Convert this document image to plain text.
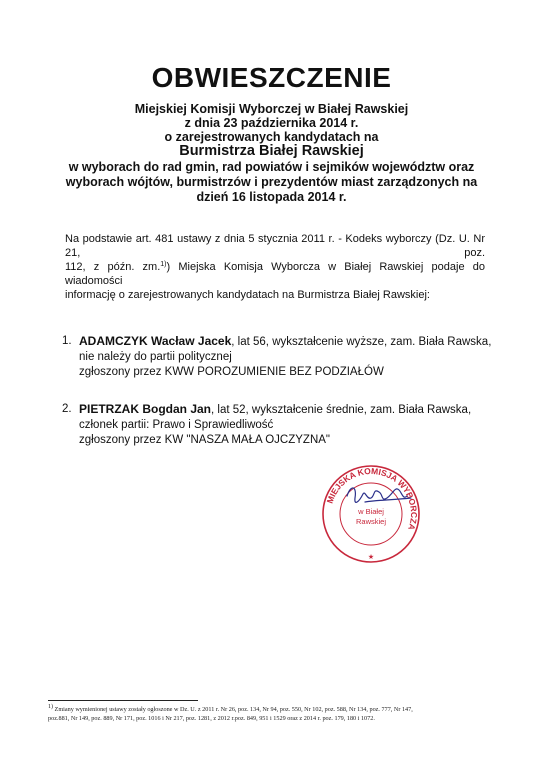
OBWIESZCZENIE
Miejskiej Komisji Wyborczej w Białej Rawskiej
z dnia 23 października 2014 r.
o zarejestrowanych kandydatach na
Burmistrza Białej Rawskiej
w wyborach do rad gmin, rad powiatów i sejmików województw oraz
wyborach wójtów, burmistrzów i prezydentów miast zarządzonych na
dzień 16 listopada 2014 r.
Na podstawie art. 481 ustawy z dnia 5 stycznia 2011 r. - Kodeks wyborczy (Dz. U. Nr 21, poz.
112, z późn. zm.$^{1)}$) Miejska Komisja Wyborcza w Białej Rawskiej podaje do wiadomości
informację o zarejestrowanych kandydatach na Burmistrza Białej Rawskiej:
1. ADAMCZYK Wacław Jacek, lat 56, wykształcenie wyższe, zam. Biała Rawska,
nie należy do partii politycznej
zgłoszony przez KWW POROZUMIENIE BEZ PODZIAŁÓW
2. PIETRZAK Bogdan Jan, lat 52, wykształcenie średnie, zam. Biała Rawska,
członek partii: Prawo i Sprawiedliwość
zgłoszony przez KW "NASZA MAŁA OJCZYZNA"
MIEJSKA KOMISJA WYBORCZA
w Białej
Rawskiej
★
$^{1)}$ Zmiany wymienionej ustawy zostały ogłoszone w Dz. U. z 2011 r. Nr 26, poz. 134, Nr 94, poz. 550, Nr 102, poz. 588, Nr 134, poz. 777, Nr 147,
poz.881, Nr 149, poz. 889, Nr 171, poz. 1016 i Nr 217, poz. 1281, z 2012 r.poz. 849, 951 i 1529 oraz z 2014 r. poz. 179, 180 i 1072.
